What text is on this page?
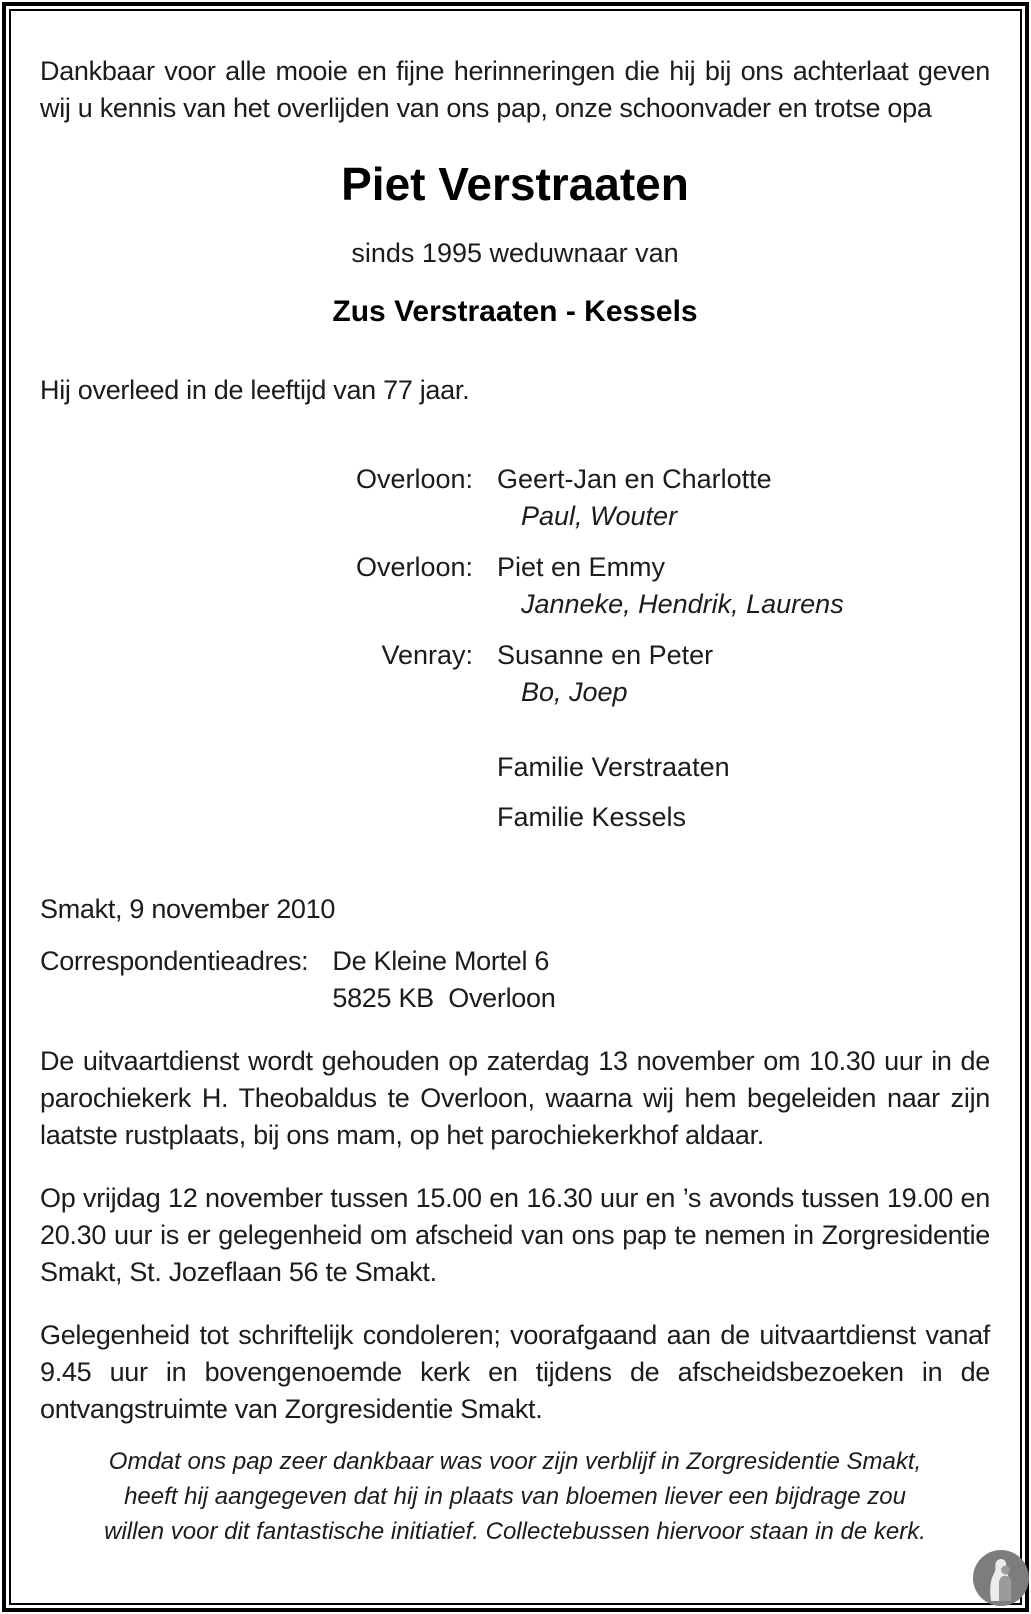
Dankbaar voor alle mooie en fijne herinneringen die hij bij ons achterlaat geven wij u kennis van het overlijden van ons pap, onze schoonvader en trotse opa

Piet Verstraaten
sinds 1995 weduwnaar van
Zus Verstraaten - Kessels

Hij overleed in de leeftijd van 77 jaar.

Overloon: Geert-Jan en Charlotte
Paul, Wouter
Overloon: Piet en Emmy
Janneke, Hendrik, Laurens
Venray: Susanne en Peter
Bo, Joep
Familie Verstraaten
Familie Kessels
Smakt, 9 november 2010
Correspondentieadres: De Kleine Mortel 6
5825 KB  Overloon

De uitvaartdienst wordt gehouden op zaterdag 13 november om 10.30 uur in de parochiekerk H. Theobaldus te Overloon, waarna wij hem begeleiden naar zijn laatste rustplaats, bij ons mam, op het parochiekerkhof aldaar.

Op vrijdag 12 november tussen 15.00 en 16.30 uur en ’s avonds tussen 19.00 en 20.30 uur is er gelegenheid om afscheid van ons pap te nemen in Zorgresidentie Smakt, St. Jozeflaan 56 te Smakt.

Gelegenheid tot schriftelijk condoleren; voorafgaand aan de uitvaartdienst vanaf 9.45 uur in bovengenoemde kerk en tijdens de afscheidsbezoeken in de ontvangstruimte van Zorgresidentie Smakt.

Omdat ons pap zeer dankbaar was voor zijn verblijf in Zorgresidentie Smakt,
heeft hij aangegeven dat hij in plaats van bloemen liever een bijdrage zou
willen voor dit fantastische initiatief. Collectebussen hiervoor staan in de kerk.
